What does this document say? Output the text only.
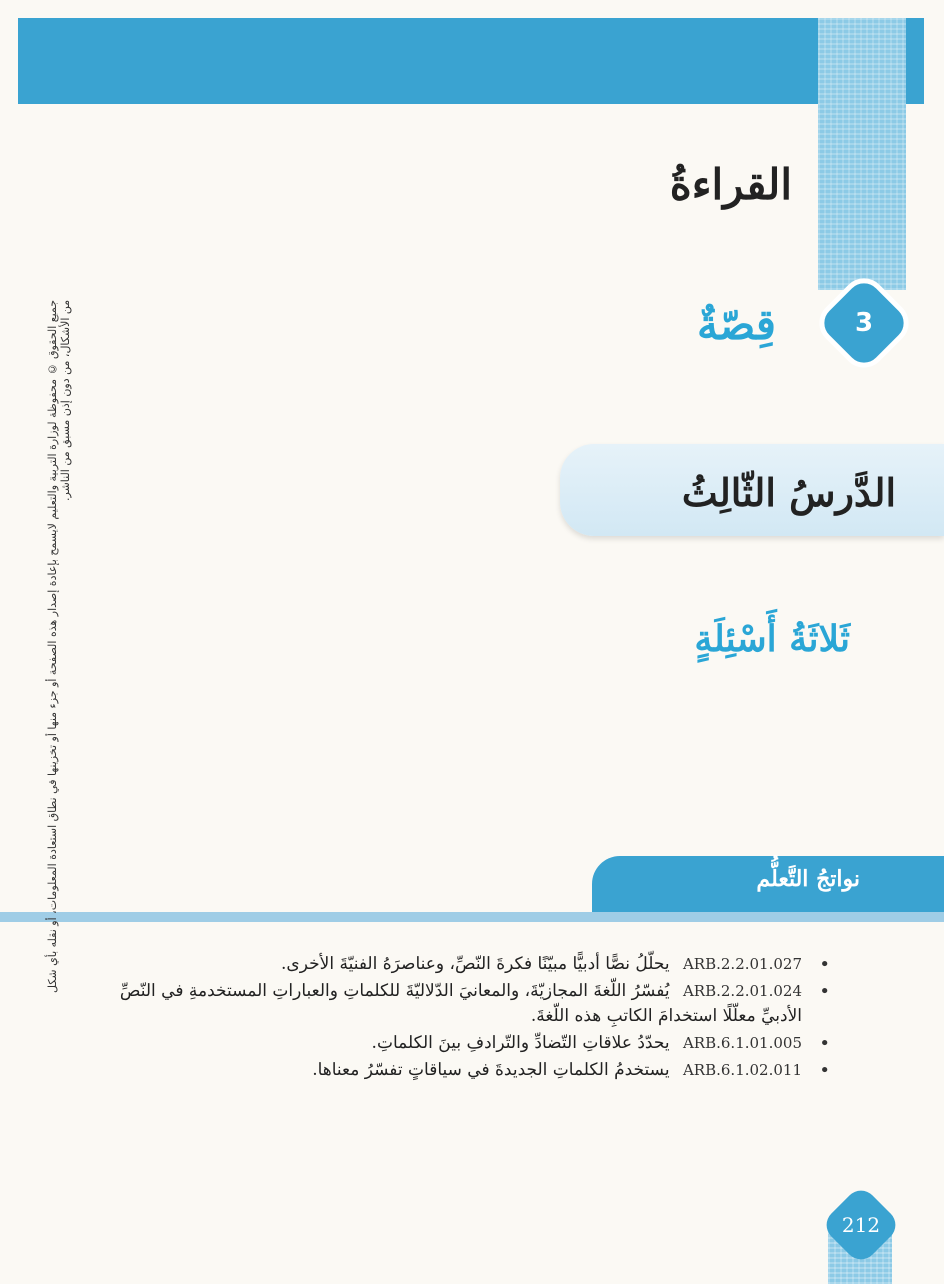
القراءةُ
3
قِصّةٌ
الدَّرسُ الثّالِثُ
ثَلاثَةُ أَسْئِلَةٍ
نواتجُ التَّعلُّم
•
ARB.2.2.01.027 يحلّلُ نصًّا أدبيًّا مبيّنًا فكرةَ النّصِّ، وعناصرَهُ الفنيّةَ الأخرى.
•
ARB.2.2.01.024 يُفسّرُ اللّغةَ المجازيّةَ، والمعانيَ الدّلاليّةَ للكلماتِ والعباراتِ المستخدمةِ في النّصِّ الأدبيِّ معلّلًا استخدامَ الكاتبِ هذه اللّغةَ.
•
ARB.6.1.01.005 يحدّدُ علاقاتِ التّضادِّ والتّرادفِ بينَ الكلماتِ.
•
ARB.6.1.02.011 يستخدمُ الكلماتِ الجديدةَ في سياقاتٍ تفسّرُ معناها.
جميع الحقوق © محفوظة لوزارة التربية والتعليم لايسمح بإعادة إصدار هذه الصفحة أو جزء منها أو تخزينها في نطاق استعادة المعلومات، أو نقله بأي شكل من الأشكال، من دون إذن مسبق من الناشر.
212
